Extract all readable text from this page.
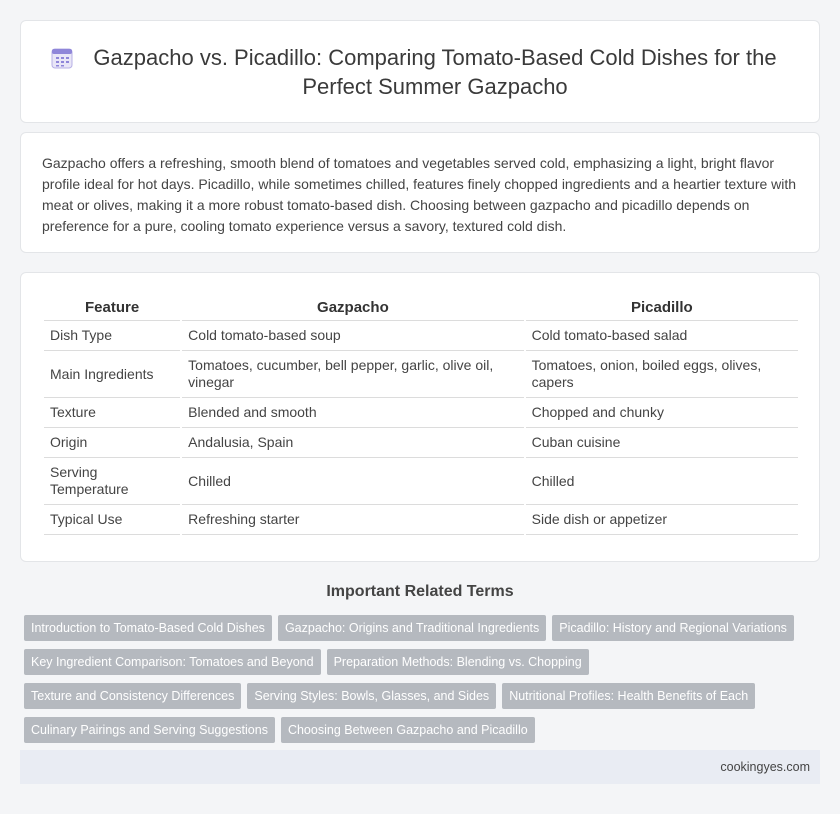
Gazpacho vs. Picadillo: Comparing Tomato-Based Cold Dishes for the Perfect Summer Gazpacho

Gazpacho offers a refreshing, smooth blend of tomatoes and vegetables served cold, emphasizing a light, bright flavor profile ideal for hot days. Picadillo, while sometimes chilled, features finely chopped ingredients and a heartier texture with meat or olives, making it a more robust tomato-based dish. Choosing between gazpacho and picadillo depends on preference for a pure, cooling tomato experience versus a savory, textured cold dish.

Feature	Gazpacho	Picadillo
Dish Type	Cold tomato-based soup	Cold tomato-based salad
Main Ingredients	Tomatoes, cucumber, bell pepper, garlic, olive oil, vinegar	Tomatoes, onion, boiled eggs, olives, capers
Texture	Blended and smooth	Chopped and chunky
Origin	Andalusia, Spain	Cuban cuisine
Serving Temperature	Chilled	Chilled
Typical Use	Refreshing starter	Side dish or appetizer
Important Related Terms
Introduction to Tomato-Based Cold Dishes	Gazpacho: Origins and Traditional Ingredients	Picadillo: History and Regional Variations
Key Ingredient Comparison: Tomatoes and Beyond	Preparation Methods: Blending vs. Chopping
Texture and Consistency Differences	Serving Styles: Bowls, Glasses, and Sides	Nutritional Profiles: Health Benefits of Each
Culinary Pairings and Serving Suggestions	Choosing Between Gazpacho and Picadillo
cookingyes.com
